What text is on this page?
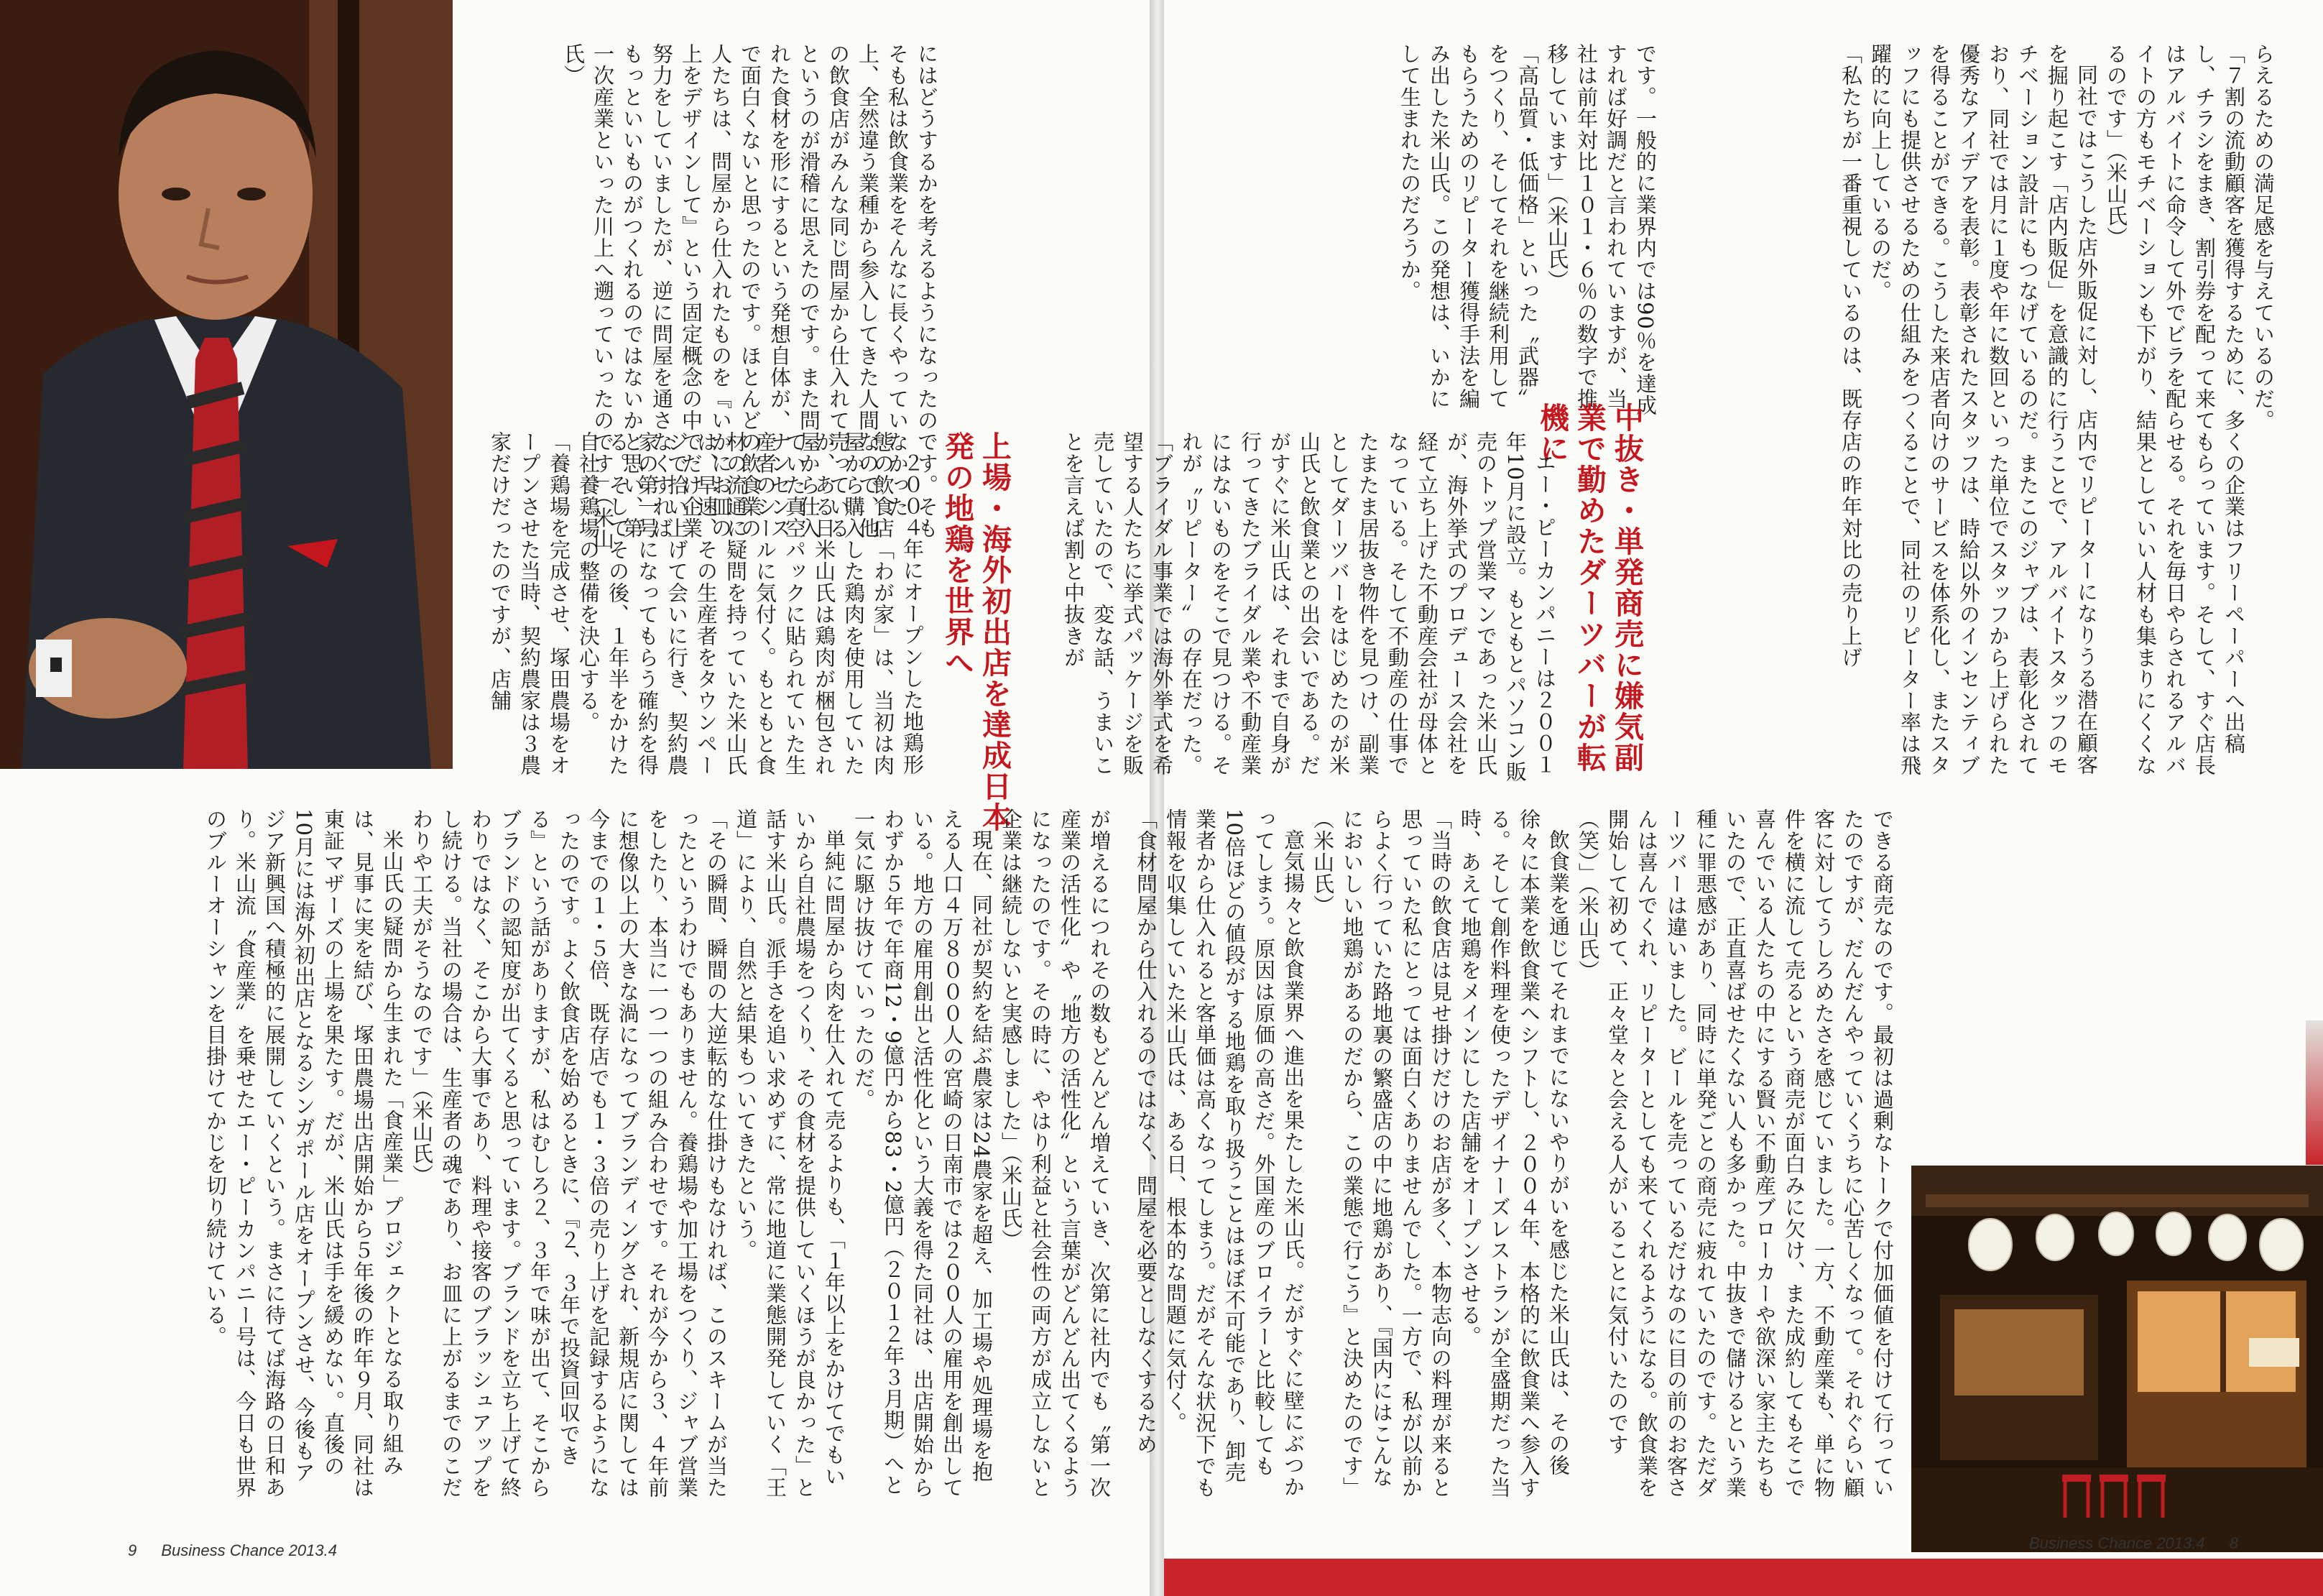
にはどうするかを考えるようになったのです。そもそも私は飲食業をそんなに長くやっていなかった上、全然違う業種から参入してきた人間なので、他の飲食店がみんな同じ問屋から仕入れて売っているというのが滑稽に思えたのです。また問屋から仕入れた食材を形にするという発想自体が、ナンセンスで面白くないと思ったのです。ほとんどの飲食業の人たちは、問屋から仕入れたものを『いかにお皿の上をデザインして』という固定概念の中でだけ企業努力をしていましたが、逆に問屋を通さなくすればもっといいものがつくれるのではないかと思い、第一次産業といった川上へ遡っていったのです」（米山氏）

上場・海外初出店を達成日本発の地鶏を世界へ

２００４年にオープンした地鶏形態の飲食店「わが家」は、当初は肉屋から購入した鶏肉を使用していたが、ある日米山氏は鶏肉が梱包されていた真空パックに貼られていた生産者のシールに気付く。もともと食材の流通に疑問を持っていた米山氏は、早速、その生産者をタウンページで拾い上げて会いに行き、契約農家の第一号になってもらう確約を得る。そしてその後、１年半をかけた自社養鶏場の整備を決心する。

「養鶏場を完成させ、塚田農場をオープンさせた当時、契約農家は３農家だけだったのですが、店舗

が増えるにつれその数もどんどん増えていき、次第に社内でも〝第一次産業の活性化〟や〝地方の活性化〟という言葉がどんどん出てくるようになったのです。その時に、やはり利益と社会性の両方が成立しないと企業は継続しないと実感しました」（米山氏）

現在、同社が契約を結ぶ農家は24農家を超え、加工場や処理場を抱える人口４万８０００人の宮崎の日南市では２００人の雇用を創出している。地方の雇用創出と活性化という大義を得た同社は、出店開始からわずか５年で年商12・9億円から83・2億円（２０１２年３月期）へと一気に駆け抜けていったのだ。

単純に問屋から肉を仕入れて売るよりも、「１年以上をかけてでもいいから自社農場をつくり、その食材を提供していくほうが良かった」と話す米山氏。派手さを追い求めずに、常に地道に業態開発していく「王道」により、自然と結果もついてきたという。

「その瞬間、瞬間の大逆転的な仕掛けもなければ、このスキームが当たったというわけでもありません。養鶏場や加工場をつくり、ジャブ営業をしたり、本当に一つ一つの組み合わせです。それが今から３、４年前に想像以上の大きな渦になってブランディングされ、新規店に関しては今までの１・５倍、既存店でも１・３倍の売り上げを記録するようになったのです。よく飲食店を始めるときに、『２、３年で投資回収できる』という話がありますが、私はむしろ２、３年で味が出て、そこからブランドの認知度が出てくると思っています。ブランドを立ち上げて終わりではなく、そこから大事であり、料理や接客のブラッシュアップをし続ける。当社の場合は、生産者の魂であり、お皿に上がるまでのこだわりや工夫がそうなのです」（米山氏）

米山氏の疑問から生まれた「食産業」プロジェクトとなる取り組みは、見事に実を結び、塚田農場出店開始から５年後の昨年９月、同社は東証マザーズの上場を果たす。だが、米山氏は手を緩めない。直後の10月には海外初出店となるシンガポール店をオープンさせ、今後もアジア新興国へ積極的に展開していくという。まさに待てば海路の日和あり。米山流〝食産業〟を乗せたエー・ピーカンパニー号は、今日も世界のブルーオーシャンを目掛けてかじを切り続けている。

9 Business Chance 2013.4

らえるための満足感を与えているのだ。

「７割の流動顧客を獲得するために、多くの企業はフリーペーパーへ出稿し、チラシをまき、割引券を配って来てもらっています。そして、すぐ店長はアルバイトに命令して外でビラを配らせる。それを毎日やらされるアルバイトの方もモチベーションも下がり、結果としていい人材も集まりにくくなるのです」（米山氏）

同社ではこうした店外販促に対し、店内でリピーターになりうる潜在顧客を掘り起こす「店内販促」を意識的に行うことで、アルバイトスタッフのモチベーション設計にもつなげているのだ。またこのジャブは、表彰化されており、同社では月に１度や年に数回といった単位でスタッフから上げられた優秀なアイデアを表彰。表彰されたスタッフは、時給以外のインセンティブを得ることができる。こうした来店者向けのサービスを体系化し、またスタッフにも提供させるための仕組みをつくることで、同社のリピーター率は飛躍的に向上しているのだ。

「私たちが一番重視しているのは、既存店の昨年対比の売り上げ

です。一般的に業界内では90％を達成すれば好調だと言われていますが、当社は前年対比１０１・６％の数字で推移しています」（米山氏）

「高品質・低価格」といった〝武器〟をつくり、そしてそれを継続利用してもらうためのリピーター獲得手法を編み出した米山氏。この発想は、いかにして生まれたのだろうか。

中抜き・単発商売に嫌気副業で勤めたダーツバーが転機に

エー・ピーカンパニーは２００１年10月に設立。もともとパソコン販売のトップ営業マンであった米山氏が、海外挙式のプロデュース会社を経て立ち上げた不動産会社が母体となっている。そして不動産の仕事でたまたま居抜き物件を見つけ、副業としてダーツバーをはじめたのが米山氏と飲食業との出会いである。だがすぐに米山氏は、それまで自身が行ってきたブライダル業や不動産業にはないものをそこで見つける。それが〝リピーター〟の存在だった。

「ブライダル事業では海外挙式を希望する人たちに挙式パッケージを販売していたので、変な話、うまいことを言えば割と中抜きが

できる商売なのです。最初は過剰なトークで付加価値を付けて行っていたのですが、だんだんやっていくうちに心苦しくなって。それぐらい顧客に対してうしろめたさを感じていました。一方、不動産業も、単に物件を横に流して売るという商売が面白みに欠け、また成約してもそこで喜んでいる人たちの中にする賢い不動産ブローカーや欲深い家主たちもいたので、正直喜ばせたくない人も多かった。中抜きで儲けるという業種に罪悪感があり、同時に単発ごとの商売に疲れていたのです。ただダーツバーは違いました。ビールを売っているだけなのに目の前のお客さんは喜んでくれ、リピーターとしても来てくれるようになる。飲食業を開始して初めて、正々堂々と会える人がいることに気付いたのです（笑）」（米山氏）

飲食業を通じてそれまでにないやりがいを感じた米山氏は、その後徐々に本業を飲食業へシフトし、２００４年、本格的に飲食業へ参入する。そして創作料理を使ったデザイナーズレストランが全盛期だった当時、あえて地鶏をメインにした店舗をオープンさせる。

「当時の飲食店は見せ掛けだけのお店が多く、本物志向の料理が来ると思っていた私にとっては面白くありませんでした。一方で、私が以前からよく行っていた路地裏の繁盛店の中に地鶏があり、『国内にはこんなにおいしい地鶏があるのだから、この業態で行こう』と決めたのです」（米山氏）

意気揚々と飲食業界へ進出を果たした米山氏。だがすぐに壁にぶつかってしまう。原因は原価の高さだ。外国産のブロイラーと比較しても10倍ほどの値段がする地鶏を取り扱うことはほぼ不可能であり、卸売業者から仕入れると客単価は高くなってしまう。だがそんな状況下でも情報を収集していた米山氏は、ある日、根本的な問題に気付く。

「食材問屋から仕入れるのではなく、問屋を必要としなくするため

Business Chance 2013.4 8
